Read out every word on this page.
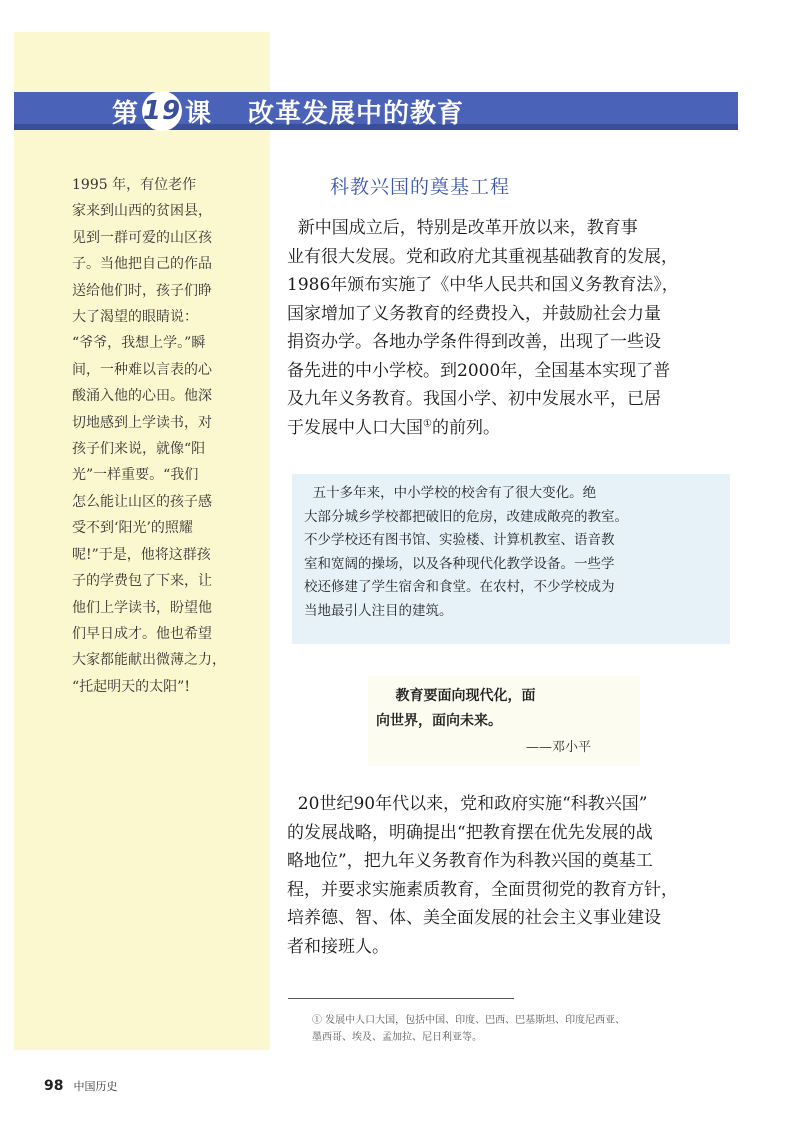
第 19 课 改革发展中的教育
1995 年，有位老作
家来到山西的贫困县，
见到一群可爱的山区孩
子。当他把自己的作品
送给他们时，孩子们睁
大了渴望的眼睛说：
“爷爷，我想上学。”瞬
间，一种难以言表的心
酸涌入他的心田。他深
切地感到上学读书，对
孩子们来说，就像“阳
光”一样重要。“我们
怎么能让山区的孩子感
受不到‘阳光’的照耀
呢!”于是，他将这群孩
子的学费包了下来，让
他们上学读书，盼望他
们早日成才。他也希望
大家都能献出微薄之力，
“托起明天的太阳”!
科教兴国的奠基工程
新中国成立后，特别是改革开放以来，教育事
业有很大发展。党和政府尤其重视基础教育的发展，
1986年颁布实施了《中华人民共和国义务教育法》，
国家增加了义务教育的经费投入，并鼓励社会力量
捐资办学。各地办学条件得到改善，出现了一些设
备先进的中小学校。到2000年，全国基本实现了普
及九年义务教育。我国小学、初中发展水平，已居
于发展中人口大国①的前列。
五十多年来，中小学校的校舍有了很大变化。绝
大部分城乡学校都把破旧的危房，改建成敞亮的教室。
不少学校还有图书馆、实验楼、计算机教室、语音教
室和宽阔的操场，以及各种现代化教学设备。一些学
校还修建了学生宿舍和食堂。在农村，不少学校成为
当地最引人注目的建筑。
教育要面向现代化，面
向世界，面向未来。
——邓小平
20世纪90年代以来，党和政府实施“科教兴国”
的发展战略，明确提出“把教育摆在优先发展的战
略地位”，把九年义务教育作为科教兴国的奠基工
程，并要求实施素质教育，全面贯彻党的教育方针，
培养德、智、体、美全面发展的社会主义事业建设
者和接班人。
① 发展中人口大国，包括中国、印度、巴西、巴基斯坦、印度尼西亚、
墨西哥、埃及、孟加拉、尼日利亚等。
98 中国历史
